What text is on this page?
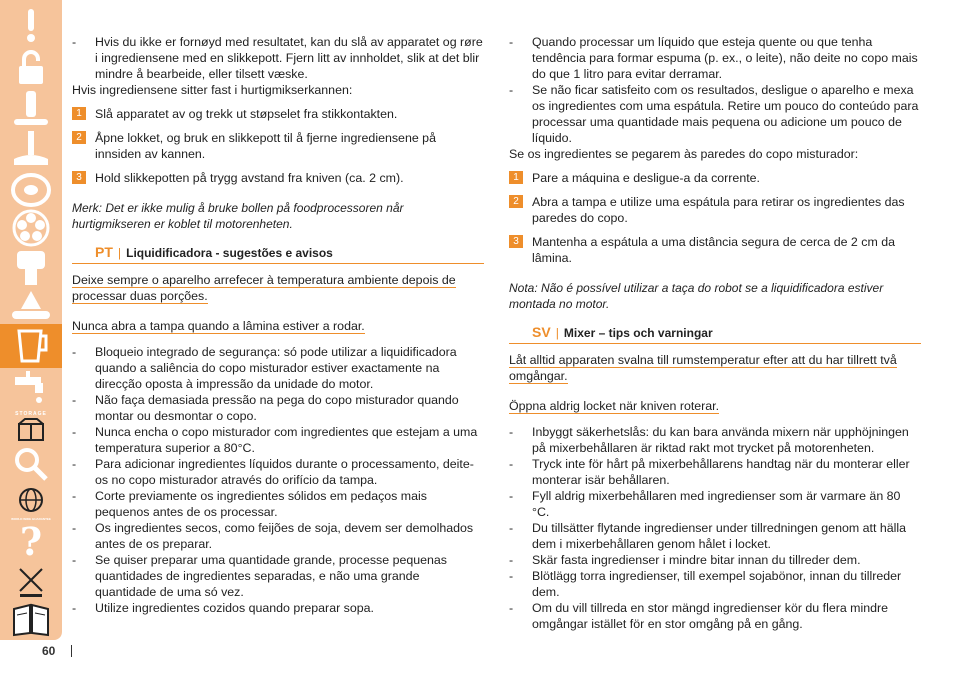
STORAGE
WORLD WIDE GUARANTEE
?
60
- Hvis du ikke er fornøyd med resultatet, kan du slå av apparatet og røre i ingrediensene med en slikkepott. Fjern litt av innholdet, slik at det blir mindre å bearbeide, eller tilsett væske.

Hvis ingrediensene sitter fast i hurtigmikserkannen:

1	Slå apparatet av og trekk ut støpselet fra stikkontakten.
2	Åpne lokket, og bruk en slikkepott til å fjerne ingrediensene på innsiden av kannen.
3	Hold slikkepotten på trygg avstand fra kniven (ca. 2 cm).
Merk: Det er ikke mulig å bruke bollen på foodprocessoren når hurtigmikseren er koblet til motorenheten.
PT | Liquidificadora - sugestões e avisos
Deixe sempre o aparelho arrefecer à temperatura ambiente depois de processar duas porções.
Nunca abra a tampa quando a lâmina estiver a rodar.
- Bloqueio integrado de segurança: só pode utilizar a liquidificadora quando a saliência do copo misturador estiver exactamente na direcção oposta à impressão da unidade do motor.
- Não faça demasiada pressão na pega do copo misturador quando montar ou desmontar o copo.
- Nunca encha o copo misturador com ingredientes que estejam a uma temperatura superior a 80°C.
- Para adicionar ingredientes líquidos durante o processamento, deite-os no copo misturador através do orifício da tampa.
- Corte previamente os ingredientes sólidos em pedaços mais pequenos antes de os processar.
- Os ingredientes secos, como feijões de soja, devem ser demolhados antes de os preparar.
- Se quiser preparar uma quantidade grande, processe pequenas quantidades de ingredientes separadas, e não uma grande quantidade de uma só vez.
- Utilize ingredientes cozidos quando preparar sopa.
- Quando processar um líquido que esteja quente ou que tenha tendência para formar espuma (p. ex., o leite), não deite no copo mais do que 1 litro para evitar derramar.
- Se não ficar satisfeito com os resultados, desligue o aparelho e mexa os ingredientes com uma espátula. Retire um pouco do conteúdo para processar uma quantidade mais pequena ou adicione um pouco de líquido.

Se os ingredientes se pegarem às paredes do copo misturador:

1	Pare a máquina e desligue-a da corrente.
2	Abra a tampa e utilize uma espátula para retirar os ingredientes das paredes do copo.
3	Mantenha a espátula a uma distância segura de cerca de 2 cm da lâmina.
Nota: Não é possível utilizar a taça do robot se a liquidificadora estiver montada no motor.
SV | Mixer – tips och varningar
Låt alltid apparaten svalna till rumstemperatur efter att du har tillrett två omgångar.
Öppna aldrig locket när kniven roterar.
- Inbyggt säkerhetslås: du kan bara använda mixern när upphöjningen på mixerbehållaren är riktad rakt mot trycket på motorenheten.
- Tryck inte för hårt på mixerbehållarens handtag när du monterar eller monterar isär behållaren.
- Fyll aldrig mixerbehållaren med ingredienser som är varmare än 80 °C.
- Du tillsätter flytande ingredienser under tillredningen genom att hälla dem i mixerbehållaren genom hålet i locket.
- Skär fasta ingredienser i mindre bitar innan du tillreder dem.
- Blötlägg torra ingredienser, till exempel sojabönor, innan du tillreder dem.
- Om du vill tillreda en stor mängd ingredienser kör du flera mindre omgångar istället för en stor omgång på en gång.
